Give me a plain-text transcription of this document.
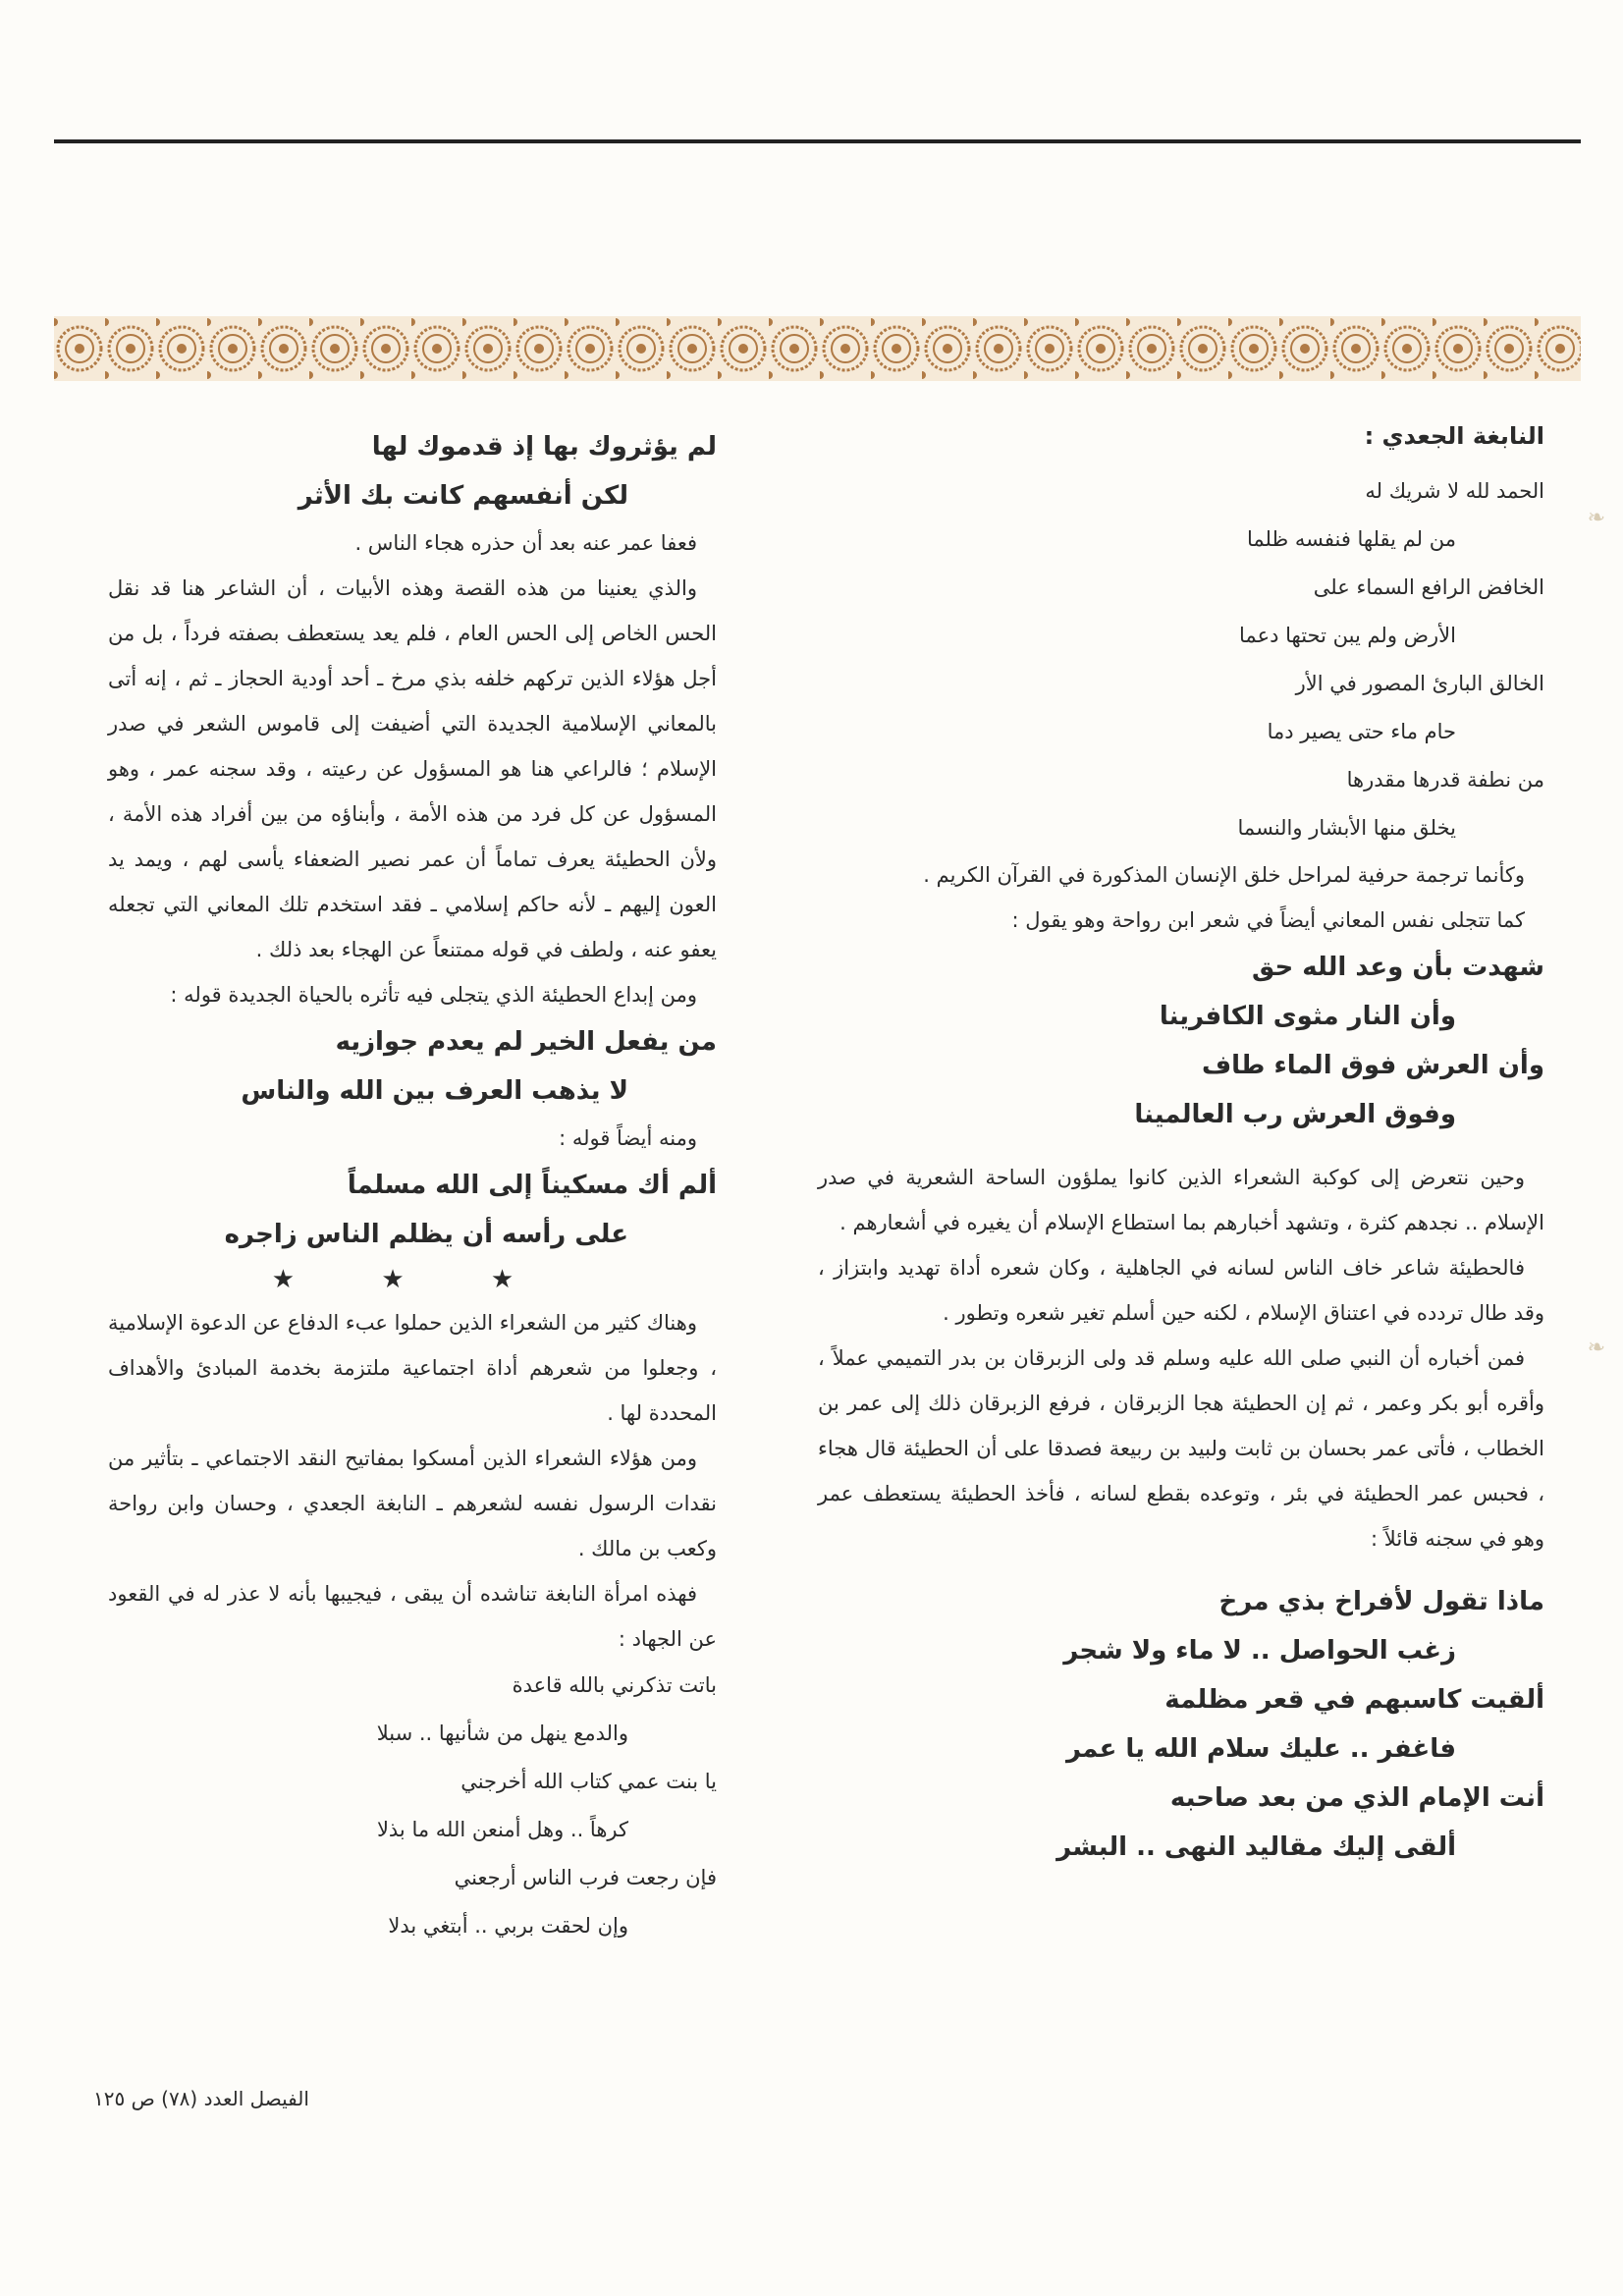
النابغة الجعدي :

الحمد لله لا شريك له

من لم يقلها فنفسه ظلما

الخافض الرافع السماء على

الأرض ولم يبن تحتها دعما

الخالق البارئ المصور في الأر

حام ماء حتى يصير دما

من نطفة قدرها مقدرها

يخلق منها الأبشار والنسما

وكأنما ترجمة حرفية لمراحل خلق الإنسان المذكورة في القرآن الكريم .

كما تتجلى نفس المعاني أيضاً في شعر ابن رواحة وهو يقول :

شهدت بأن وعد الله حق

وأن النار مثوى الكافرينا

وأن العرش فوق الماء طاف

وفوق العرش رب العالمينا

وحين نتعرض إلى كوكبة الشعراء الذين كانوا يملؤون الساحة الشعرية في صدر الإسلام .. نجدهم كثرة ، وتشهد أخبارهم بما استطاع الإسلام أن يغيره في أشعارهم .

فالحطيئة شاعر خاف الناس لسانه في الجاهلية ، وكان شعره أداة تهديد وابتزاز ، وقد طال تردده في اعتناق الإسلام ، لكنه حين أسلم تغير شعره وتطور .

فمن أخباره أن النبي صلى الله عليه وسلم قد ولى الزبرقان بن بدر التميمي عملاً ، وأقره أبو بكر وعمر ، ثم إن الحطيئة هجا الزبرقان ، فرفع الزبرقان ذلك إلى عمر بن الخطاب ، فأتى عمر بحسان بن ثابت ولبيد بن ربيعة فصدقا على أن الحطيئة قال هجاء ، فحبس عمر الحطيئة في بئر ، وتوعده بقطع لسانه ، فأخذ الحطيئة يستعطف عمر وهو في سجنه قائلاً :

ماذا تقول لأفراخ بذي مرخ

زغب الحواصل .. لا ماء ولا شجر

ألقيت كاسبهم في قعر مظلمة

فاغفر .. عليك سلام الله يا عمر

أنت الإمام الذي من بعد صاحبه

ألقى إليك مقاليد النهى .. البشر

لم يؤثروك بها إذ قدموك لها

لكن أنفسهم كانت بك الأثر

فعفا عمر عنه بعد أن حذره هجاء الناس .

والذي يعنينا من هذه القصة وهذه الأبيات ، أن الشاعر هنا قد نقل الحس الخاص إلى الحس العام ، فلم يعد يستعطف بصفته فرداً ، بل من أجل هؤلاء الذين تركهم خلفه بذي مرخ ـ أحد أودية الحجاز ـ ثم ، إنه أتى بالمعاني الإسلامية الجديدة التي أضيفت إلى قاموس الشعر في صدر الإسلام ؛ فالراعي هنا هو المسؤول عن رعيته ، وقد سجنه عمر ، وهو المسؤول عن كل فرد من هذه الأمة ، وأبناؤه من بين أفراد هذه الأمة ، ولأن الحطيئة يعرف تماماً أن عمر نصير الضعفاء يأسى لهم ، ويمد يد العون إليهم ـ لأنه حاكم إسلامي ـ فقد استخدم تلك المعاني التي تجعله يعفو عنه ، ولطف في قوله ممتنعاً عن الهجاء بعد ذلك .

ومن إبداع الحطيئة الذي يتجلى فيه تأثره بالحياة الجديدة قوله :

من يفعل الخير لم يعدم جوازيه

لا يذهب العرف بين الله والناس

ومنه أيضاً قوله :

ألم أك مسكيناً إلى الله مسلماً

على رأسه أن يظلم الناس زاجره

★ ★ ★

وهناك كثير من الشعراء الذين حملوا عبء الدفاع عن الدعوة الإسلامية ، وجعلوا من شعرهم أداة اجتماعية ملتزمة بخدمة المبادئ والأهداف المحددة لها .

ومن هؤلاء الشعراء الذين أمسكوا بمفاتيح النقد الاجتماعي ـ بتأثير من نقدات الرسول نفسه لشعرهم ـ النابغة الجعدي ، وحسان وابن رواحة وكعب بن مالك .

فهذه امرأة النابغة تناشده أن يبقى ، فيجيبها بأنه لا عذر له في القعود عن الجهاد :

باتت تذكرني بالله قاعدة

والدمع ينهل من شأنيها .. سبلا

يا بنت عمي كتاب الله أخرجني

كرهاً .. وهل أمنعن الله ما بذلا

فإن رجعت فرب الناس أرجعني

وإن لحقت بربي .. أبتغي بدلا

الفيصل العدد (٧٨) ص ١٢٥
❧
❧
